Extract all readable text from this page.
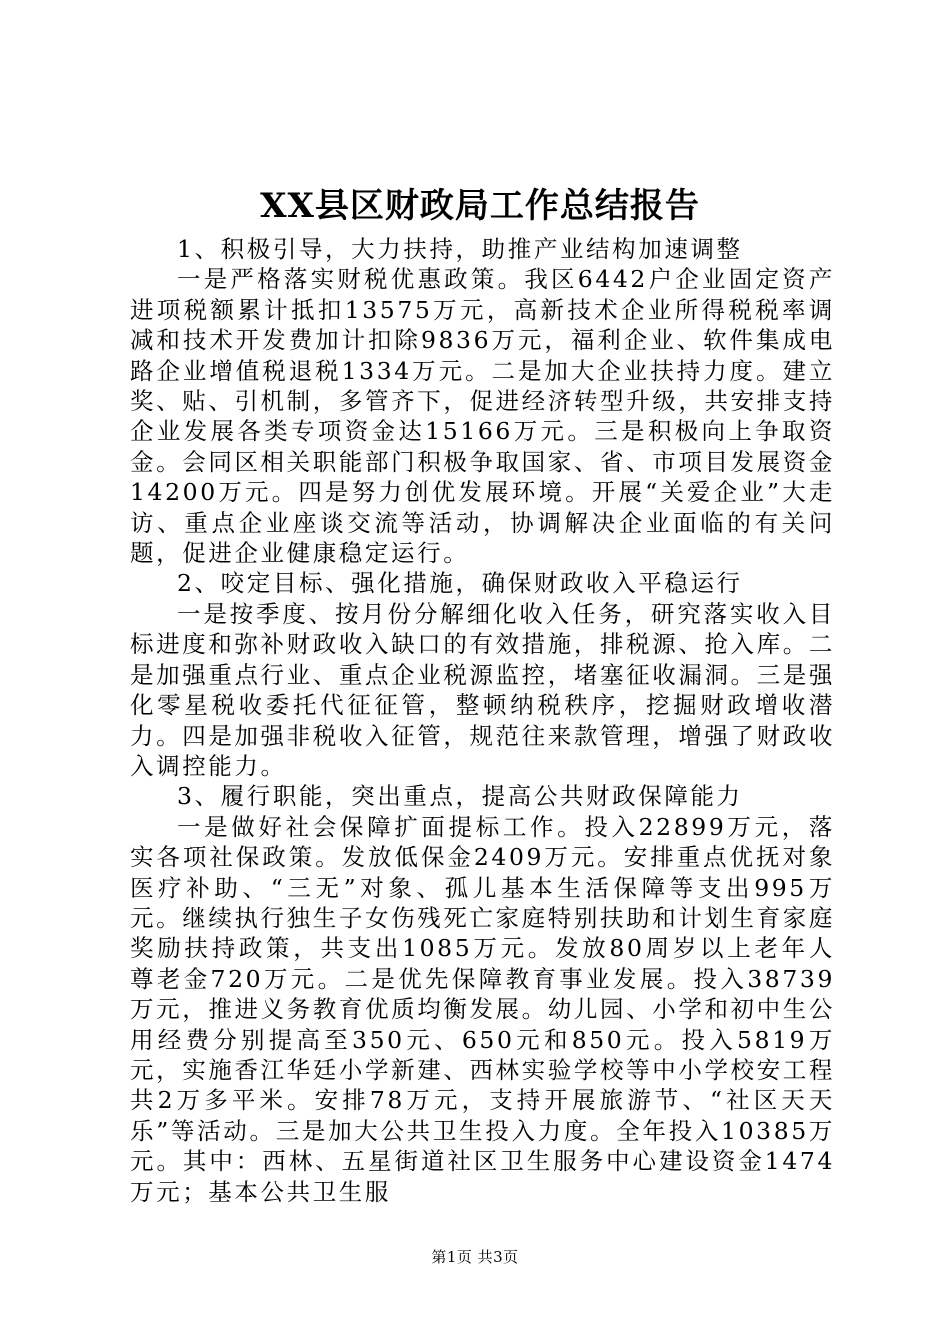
XX县区财政局工作总结报告

1、积极引导，大力扶持，助推产业结构加速调整

一是严格落实财税优惠政策。我区6442户企业固定资产进项税额累计抵扣13575万元，高新技术企业所得税税率调减和技术开发费加计扣除9836万元，福利企业、软件集成电路企业增值税退税1334万元。二是加大企业扶持力度。建立奖、贴、引机制，多管齐下，促进经济转型升级，共安排支持企业发展各类专项资金达15166万元。三是积极向上争取资金。会同区相关职能部门积极争取国家、省、市项目发展资金14200万元。四是努力创优发展环境。开展“关爱企业”大走访、重点企业座谈交流等活动，协调解决企业面临的有关问题，促进企业健康稳定运行。

2、咬定目标、强化措施，确保财政收入平稳运行

一是按季度、按月份分解细化收入任务，研究落实收入目标进度和弥补财政收入缺口的有效措施，排税源、抢入库。二是加强重点行业、重点企业税源监控，堵塞征收漏洞。三是强化零星税收委托代征征管，整顿纳税秩序，挖掘财政增收潜力。四是加强非税收入征管，规范往来款管理，增强了财政收入调控能力。

3、履行职能，突出重点，提高公共财政保障能力

一是做好社会保障扩面提标工作。投入22899万元，落实各项社保政策。发放低保金2409万元。安排重点优抚对象医疗补助、“三无”对象、孤儿基本生活保障等支出995万元。继续执行独生子女伤残死亡家庭特别扶助和计划生育家庭奖励扶持政策，共支出1085万元。发放80周岁以上老年人尊老金720万元。二是优先保障教育事业发展。投入38739万元，推进义务教育优质均衡发展。幼儿园、小学和初中生公用经费分别提高至350元、650元和850元。投入5819万元，实施香江华廷小学新建、西林实验学校等中小学校安工程共2万多平米。安排78万元，支持开展旅游节、“社区天天乐”等活动。三是加大公共卫生投入力度。全年投入10385万元。其中：西林、五星街道社区卫生服务中心建设资金1474万元；基本公共卫生服

第1页 共3页
